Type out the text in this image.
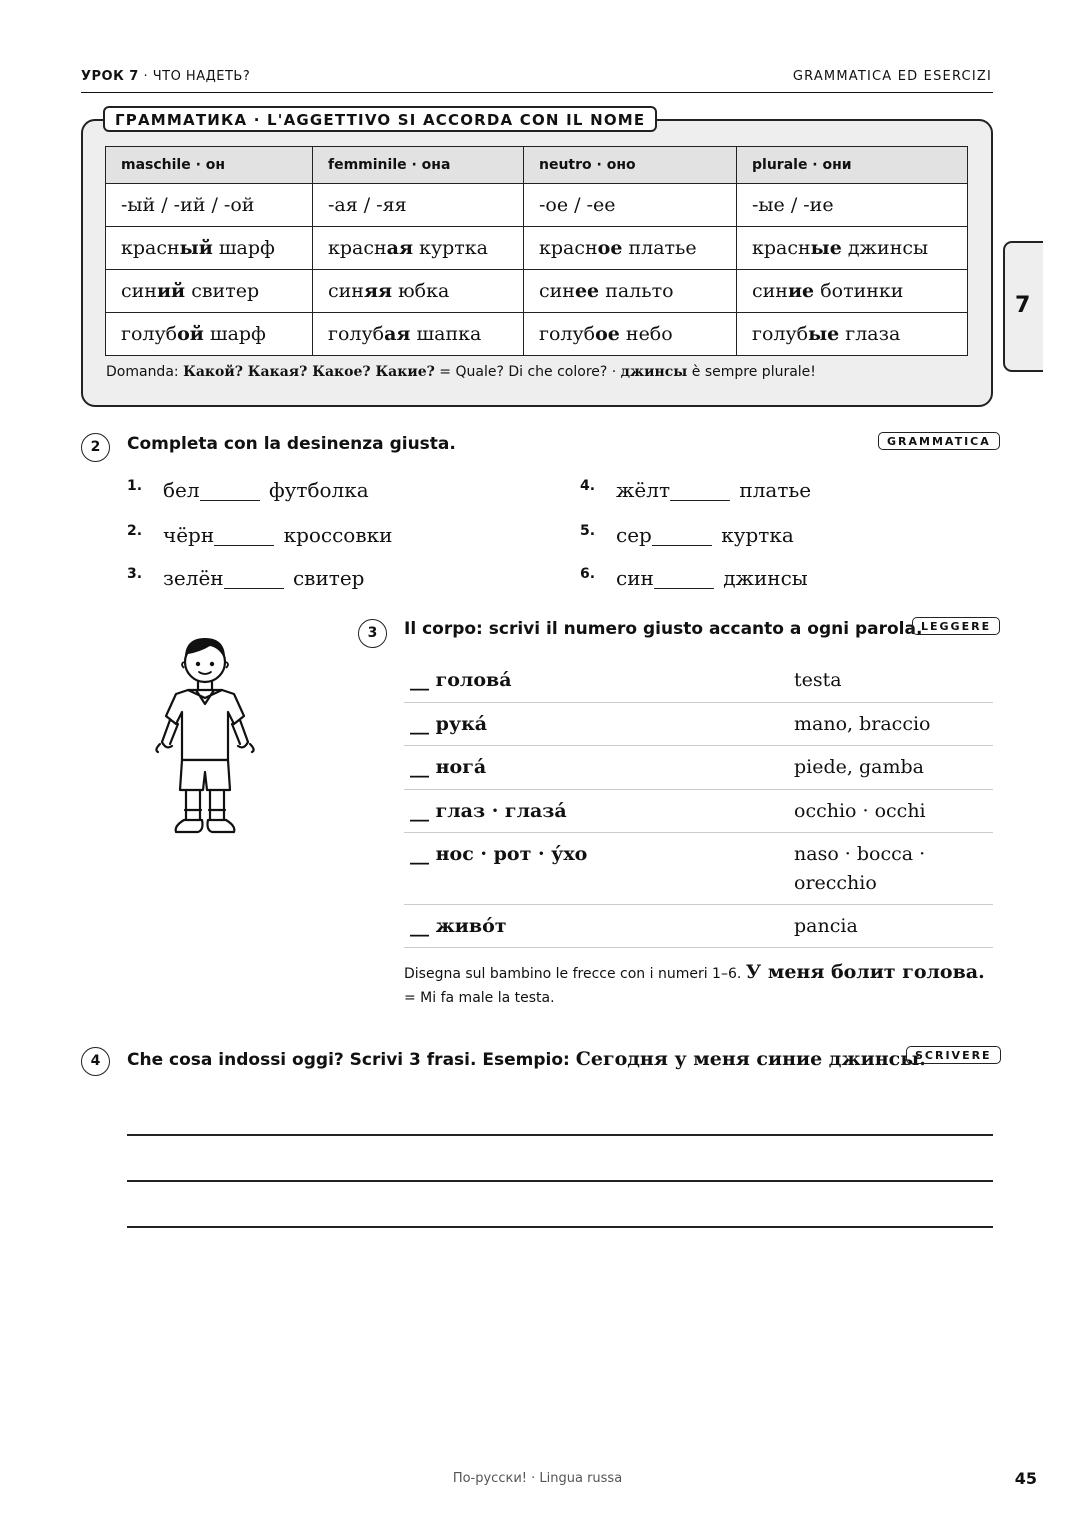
УРОК 7 · ЧТО НАДЕТЬ?	GRAMMATICA ED ESERCIZI
7
ГРАММАТИКА · L'AGGETTIVO SI ACCORDA CON IL NOME
maschile · он	femminile · она	neutro · оно	plurale · они
-ый / -ий / -ой	-ая / -яя	-ое / -ее	-ые / -ие
красный шарф	красная куртка	красное платье	красные джинсы
синий свитер	синяя юбка	синее пальто	синие ботинки
голубой шарф	голубая шапка	голубое небо	голубые глаза
Domanda: Какой? Какая? Какое? Какие? = Quale? Di che colore? · джинсы è sempre plurale!
2	Completa con la desinenza giusta.	GRAMMATICA
1. бел	футболка
2. чёрн	кроссовки
3. зелён	свитер
4. жёлт	платье
5. сер	куртка
6. син	джинсы
3	Il corpo: scrivi il numero giusto accanto a ogni parola.
LEGGERE
__ голова́	testa
__ рука́	mano, braccio
__ нога́	piede, gamba
__ глаз · глаза́	occhio · occhi
__ нос · рот · у́хо	naso · bocca · orecchio
__ живо́т	pancia
Disegna sul bambino le frecce con i numeri 1–6. У меня болит голова. = Mi fa male la testa.
4	Che cosa indossi oggi? Scrivi 3 frasi. Esempio: Сегодня у меня синие джинсы.
SCRIVERE
По-русски! · Lingua russa	45
